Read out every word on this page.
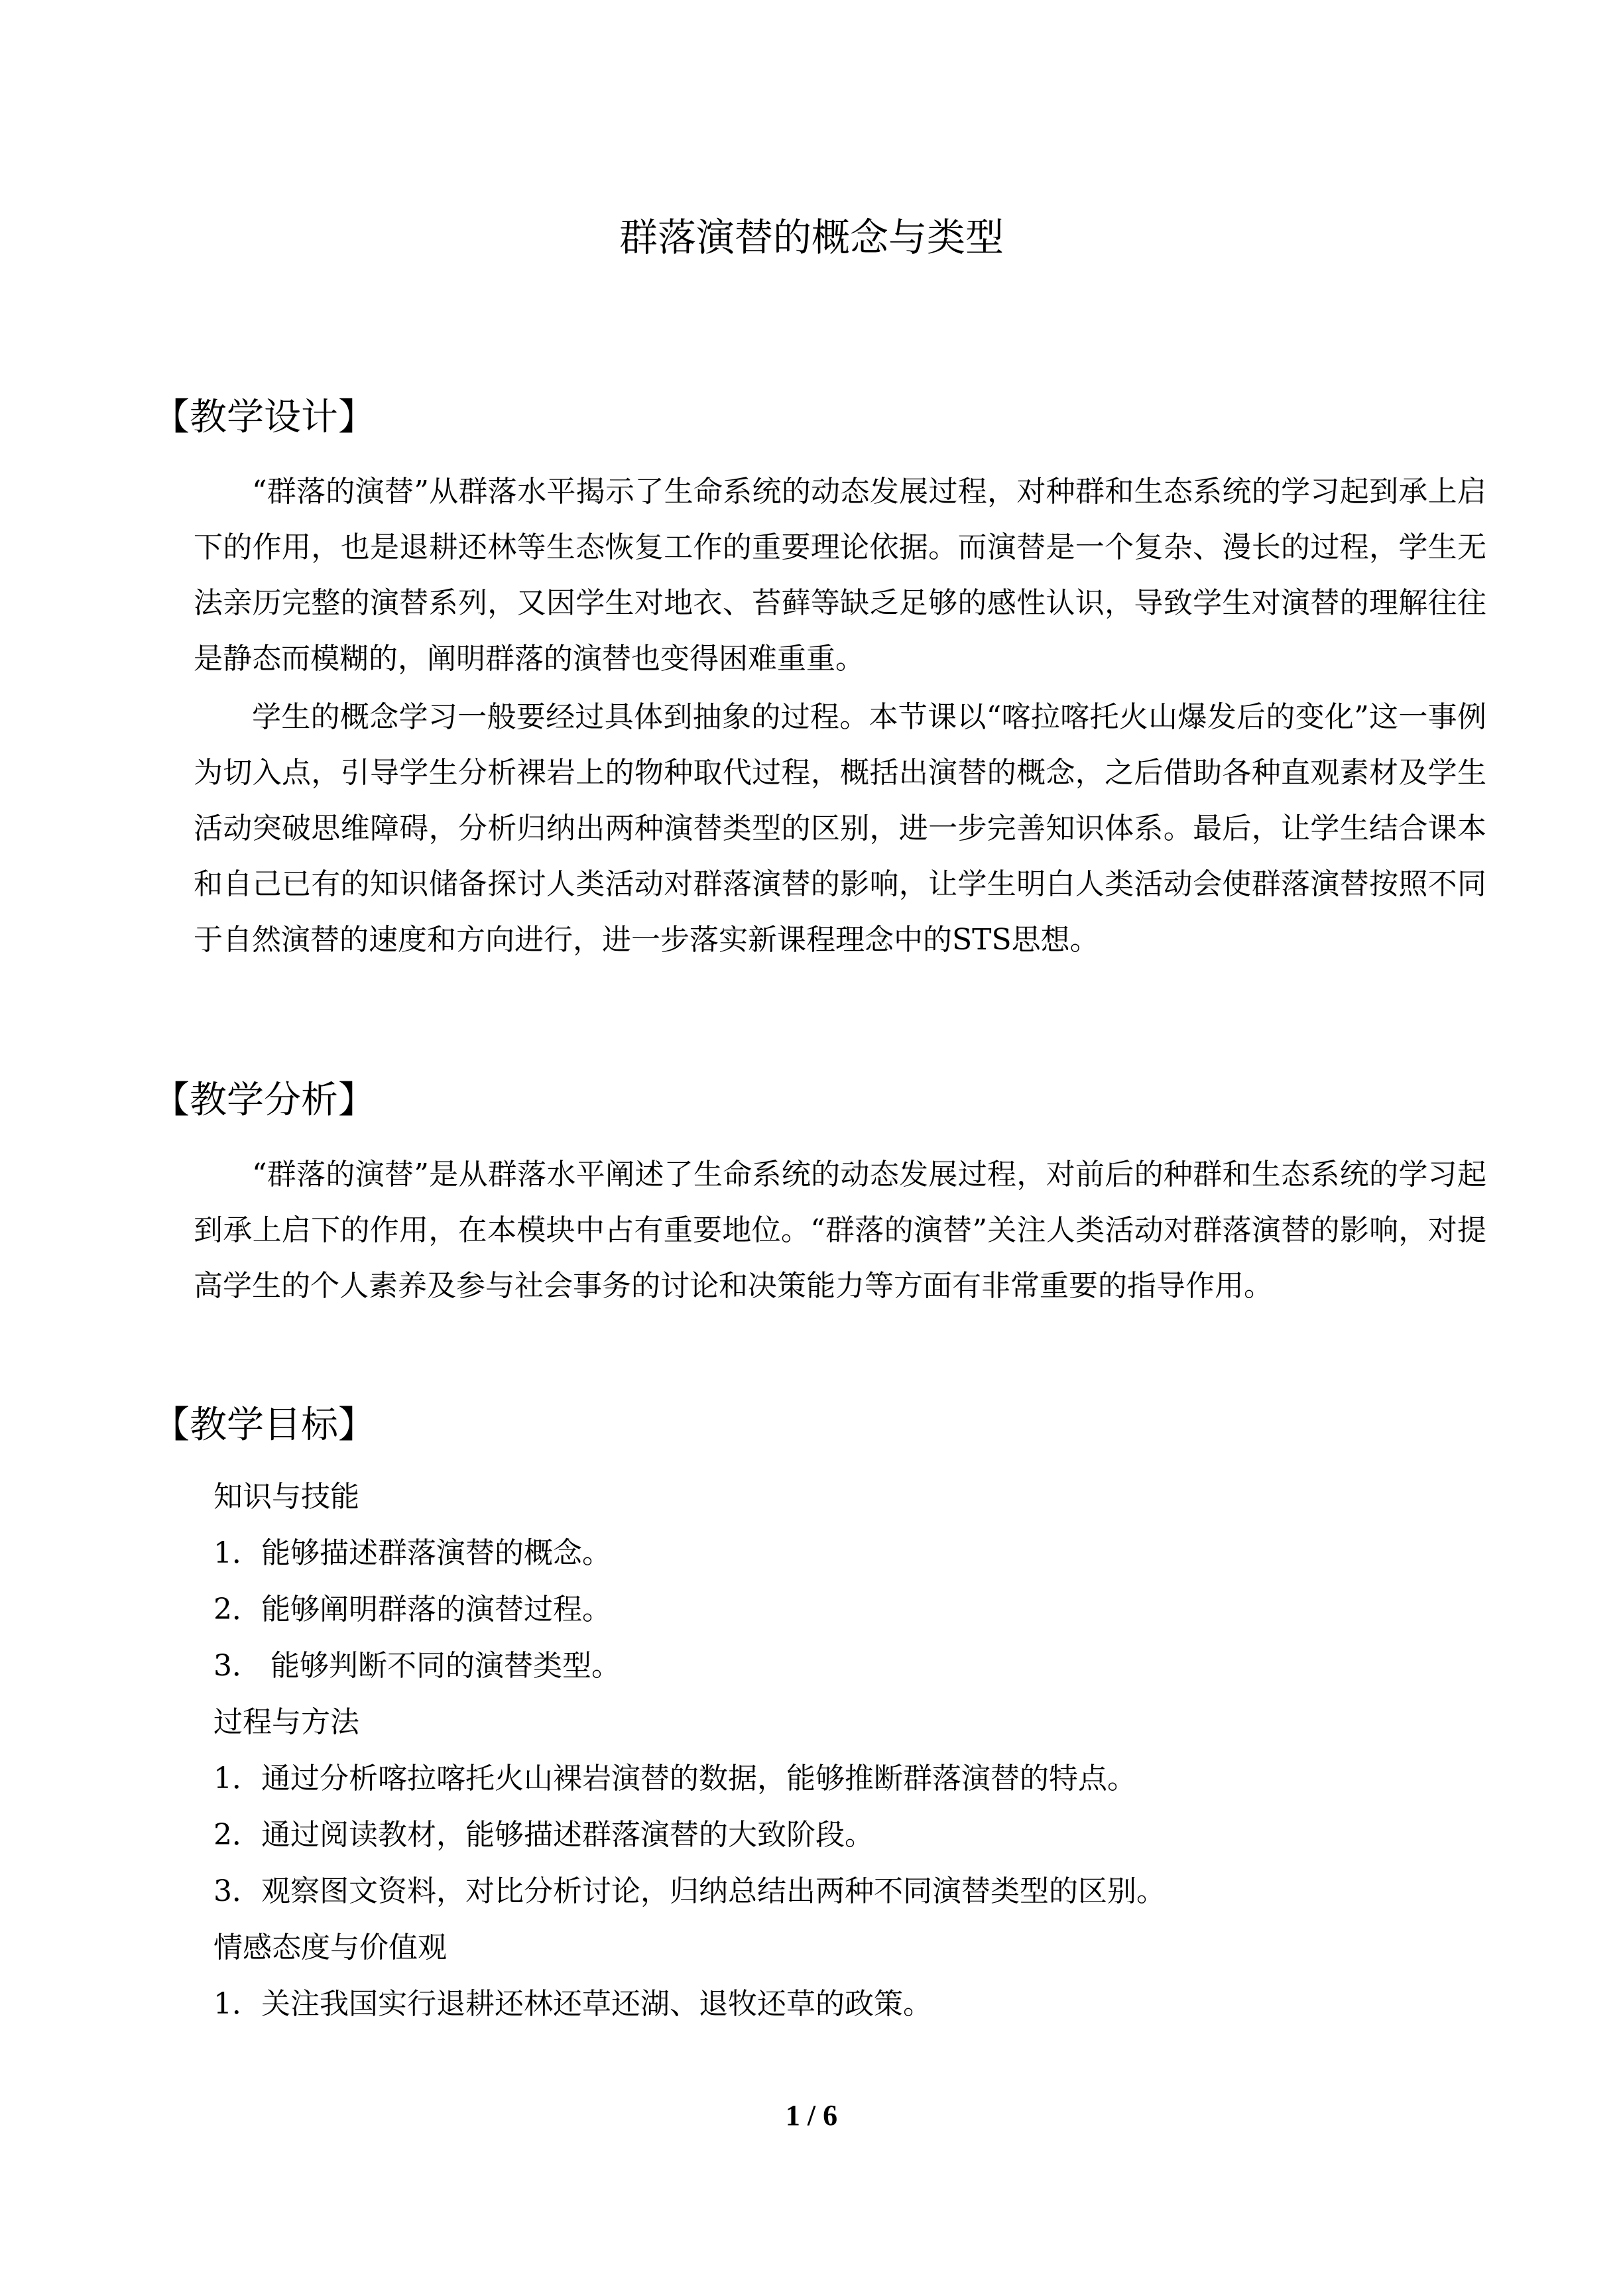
群落演替的概念与类型
【教学设计】

“群落的演替”从群落水平揭示了生命系统的动态发展过程，对种群和生态系统的学习起到承上启下的作用，也是退耕还林等生态恢复工作的重要理论依据。而演替是一个复杂、漫长的过程，学生无法亲历完整的演替系列，又因学生对地衣、苔藓等缺乏足够的感性认识，导致学生对演替的理解往往是静态而模糊的，阐明群落的演替也变得困难重重。

学生的概念学习一般要经过具体到抽象的过程。本节课以“喀拉喀托火山爆发后的变化”这一事例为切入点，引导学生分析裸岩上的物种取代过程，概括出演替的概念，之后借助各种直观素材及学生活动突破思维障碍，分析归纳出两种演替类型的区别，进一步完善知识体系。最后，让学生结合课本和自己已有的知识储备探讨人类活动对群落演替的影响，让学生明白人类活动会使群落演替按照不同于自然演替的速度和方向进行，进一步落实新课程理念中的STS思想。

【教学分析】

“群落的演替”是从群落水平阐述了生命系统的动态发展过程，对前后的种群和生态系统的学习起到承上启下的作用，在本模块中占有重要地位。“群落的演替”关注人类活动对群落演替的影响，对提高学生的个人素养及参与社会事务的讨论和决策能力等方面有非常重要的指导作用。

【教学目标】
知识与技能
1．能够描述群落演替的概念。
2．能够阐明群落的演替过程。
3． 能够判断不同的演替类型。
过程与方法
1．通过分析喀拉喀托火山裸岩演替的数据，能够推断群落演替的特点。
2．通过阅读教材，能够描述群落演替的大致阶段。
3．观察图文资料，对比分析讨论，归纳总结出两种不同演替类型的区别。
情感态度与价值观
1．关注我国实行退耕还林还草还湖、退牧还草的政策。
1 / 6
